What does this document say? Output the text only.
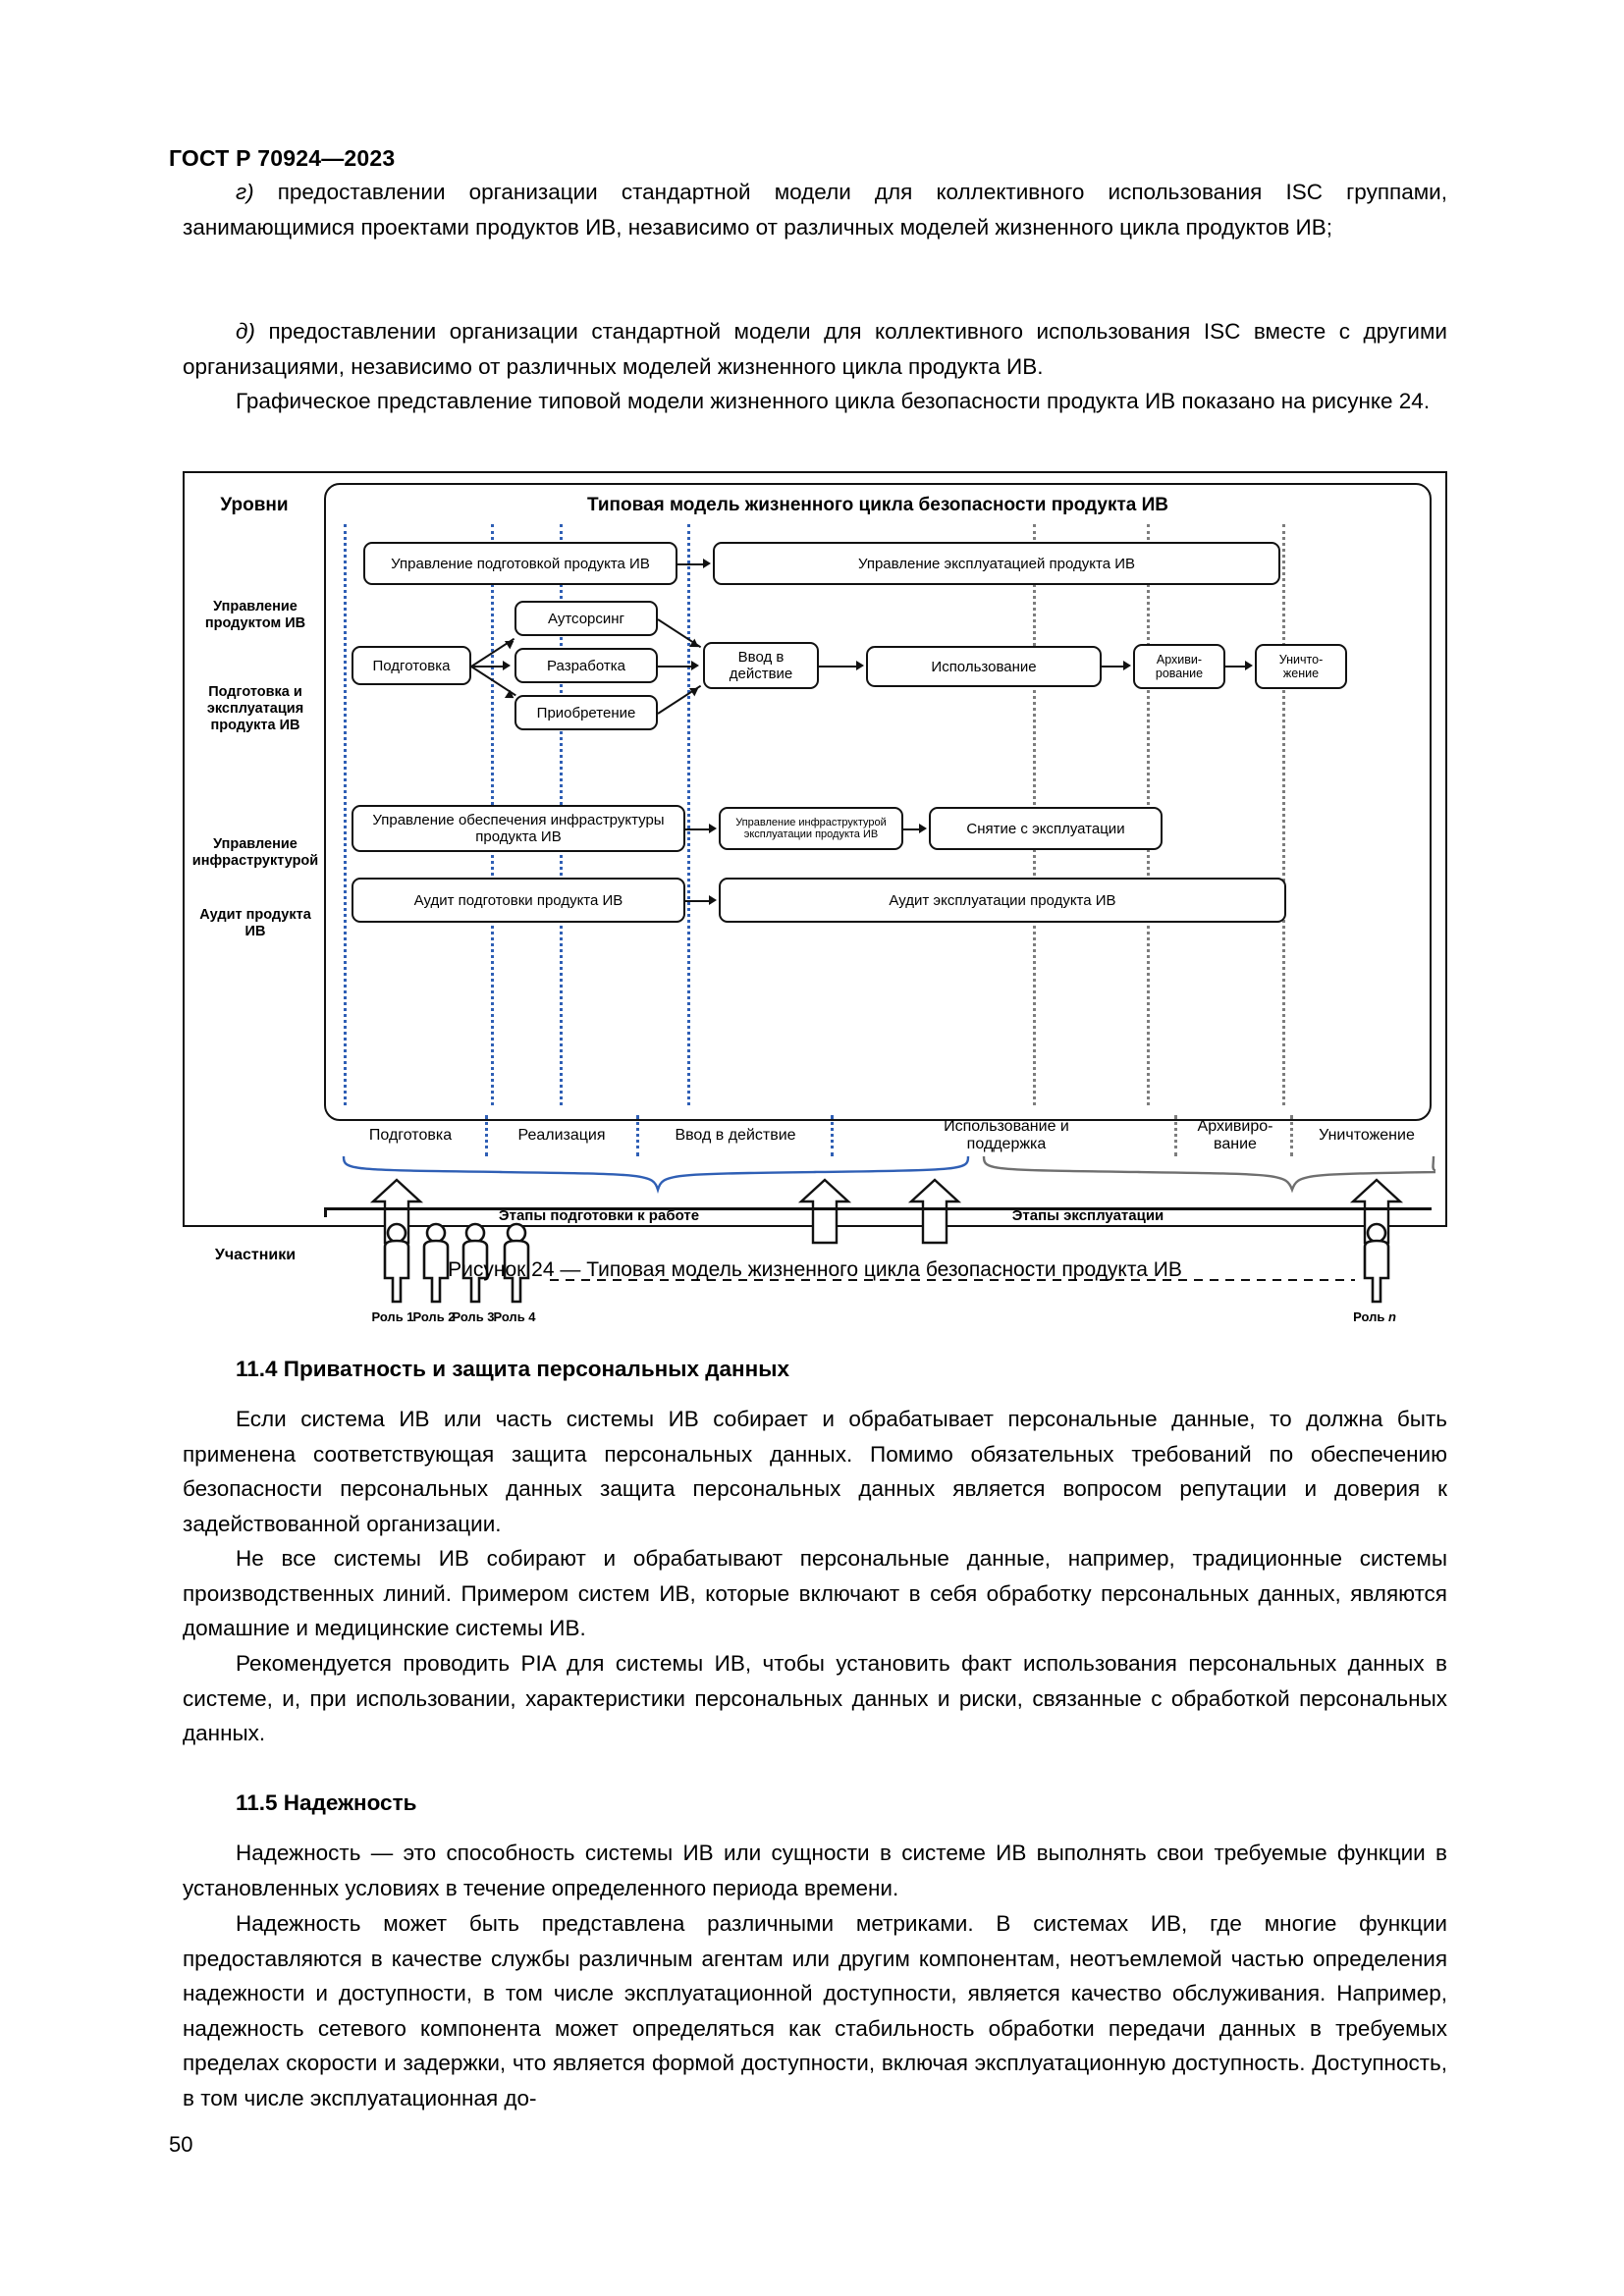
ГОСТ Р 70924—2023

г) предоставлении организации стандартной модели для коллективного использования ISC группами, занимающимися проектами продуктов ИВ, независимо от различных моделей жизненного цикла продуктов ИВ;

д) предоставлении организации стандартной модели для коллективного использования ISC вместе с другими организациями, независимо от различных моделей жизненного цикла продукта ИВ.

Графическое представление типовой модели жизненного цикла безопасности продукта ИВ показано на рисунке 24.

Уровни
Управление
продуктом ИВ
Подготовка и
эксплуатация
продукта ИВ
Управление
инфраструктурой
Аудит продукта
ИВ
Типовая модель жизненного цикла безопасности продукта ИВ
Управление подготовкой продукта ИВ	Управление эксплуатацией продукта ИВ
Подготовка
Аутсорсинг
Разработка
Приобретение
Ввод в действие	Использование	Архиви-
рование
Уничто-
жение
Управление обеспечения инфраструктуры
продукта ИВ
Управление инфраструктурой
эксплуатации продукта ИВ	Снятие с эксплуатации
Аудит подготовки продукта ИВ	Аудит эксплуатации продукта ИВ
Подготовка	Реализация	Ввод в действие
Использование и
поддержка
Архивиро-
вание
Уничтожение
Этапы подготовки к работе	Этапы эксплуатации
Участники
Роль 1
Роль 2
Роль 3
Роль 4	Роль n
Рисунок 24 — Типовая модель жизненного цикла безопасности продукта ИВ
11.4 Приватность и защита персональных данных

Если система ИВ или часть системы ИВ собирает и обрабатывает персональные данные, то должна быть применена соответствующая защита персональных данных. Помимо обязательных требований по обеспечению безопасности персональных данных защита персональных данных является вопросом репутации и доверия к задействованной организации.

Не все системы ИВ собирают и обрабатывают персональные данные, например, традиционные системы производственных линий. Примером систем ИВ, которые включают в себя обработку персональных данных, являются домашние и медицинские системы ИВ.

Рекомендуется проводить PIA для системы ИВ, чтобы установить факт использования персональных данных в системе, и, при использовании, характеристики персональных данных и риски, связанные с обработкой персональных данных.

11.5 Надежность

Надежность — это способность системы ИВ или сущности в системе ИВ выполнять свои требуемые функции в установленных условиях в течение определенного периода времени.

Надежность может быть представлена различными метриками. В системах ИВ, где многие функции предоставляются в качестве службы различным агентам или другим компонентам, неотъемлемой частью определения надежности и доступности, в том числе эксплуатационной доступности, является качество обслуживания. Например, надежность сетевого компонента может определяться как стабильность обработки передачи данных в требуемых пределах скорости и задержки, что является формой доступности, включая эксплуатационную доступность. Доступность, в том числе эксплуатационная до-

50
